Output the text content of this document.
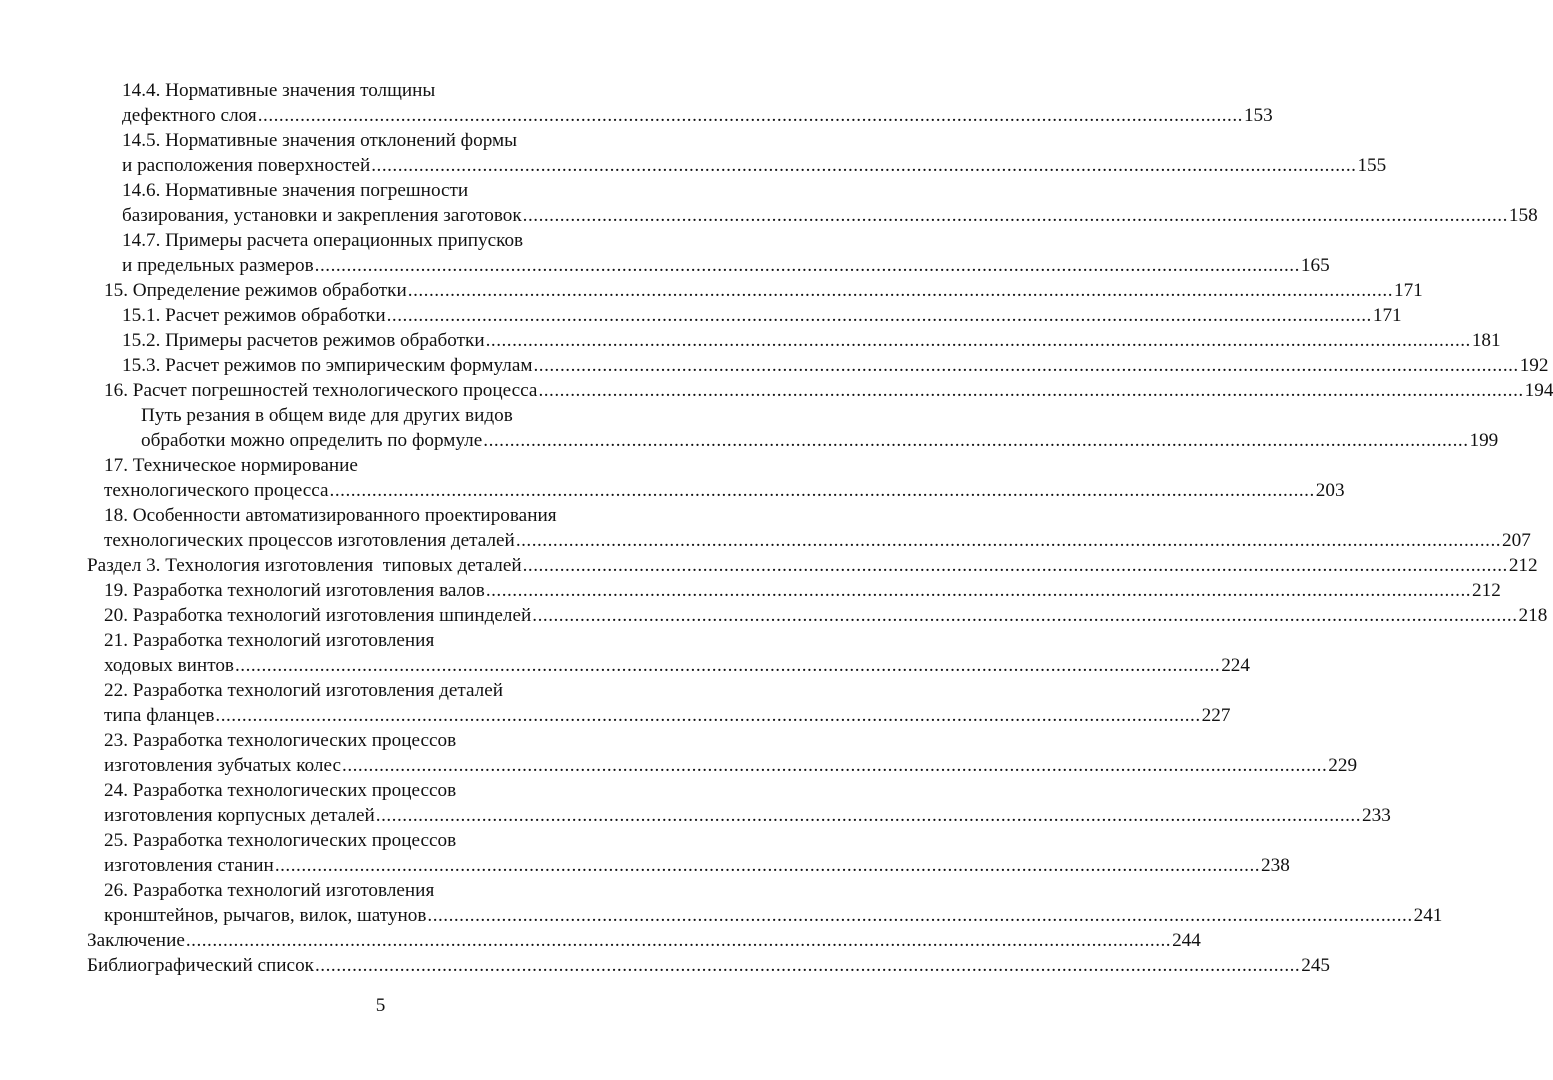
14.4. Нормативные значения толщины
дефектного слоя .......................................................................................................................................................................................... 153
14.5. Нормативные значения отклонений формы
и расположения поверхностей .......................................................................................................................................................................................... 155
14.6. Нормативные значения погрешности
базирования, установки и закрепления заготовок .......................................................................................................................................................................................... 158
14.7. Примеры расчета операционных припусков
и предельных размеров .......................................................................................................................................................................................... 165
15. Определение режимов обработки .......................................................................................................................................................................................... 171
15.1. Расчет режимов обработки .......................................................................................................................................................................................... 171
15.2. Примеры расчетов режимов обработки .......................................................................................................................................................................................... 181
15.3. Расчет режимов по эмпирическим формулам .......................................................................................................................................................................................... 192
16. Расчет погрешностей технологического процесса .......................................................................................................................................................................................... 194
Путь резания в общем виде для других видов
обработки можно определить по формуле .......................................................................................................................................................................................... 199
17. Техническое нормирование
технологического процесса .......................................................................................................................................................................................... 203
18. Особенности автоматизированного проектирования
технологических процессов изготовления деталей .......................................................................................................................................................................................... 207
Раздел 3. Технология изготовления  типовых деталей .......................................................................................................................................................................................... 212
19. Разработка технологий изготовления валов .......................................................................................................................................................................................... 212
20. Разработка технологий изготовления шпинделей .......................................................................................................................................................................................... 218
21. Разработка технологий изготовления
ходовых винтов .......................................................................................................................................................................................... 224
22. Разработка технологий изготовления деталей
типа фланцев .......................................................................................................................................................................................... 227
23. Разработка технологических процессов
изготовления зубчатых колес .......................................................................................................................................................................................... 229
24. Разработка технологических процессов
изготовления корпусных деталей .......................................................................................................................................................................................... 233
25. Разработка технологических процессов
изготовления станин .......................................................................................................................................................................................... 238
26. Разработка технологий изготовления
кронштейнов, рычагов, вилок, шатунов .......................................................................................................................................................................................... 241
Заключение .......................................................................................................................................................................................... 244
Библиографический список .......................................................................................................................................................................................... 245
5
